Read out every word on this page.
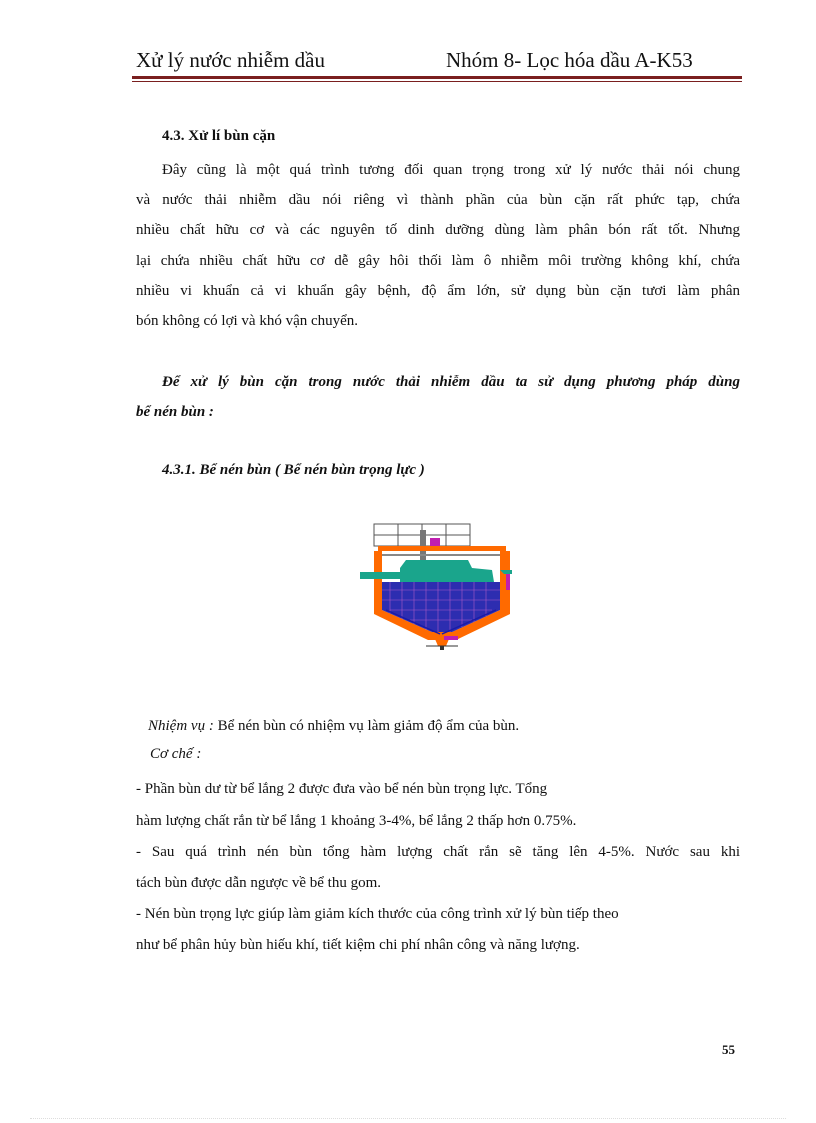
Xử lý nước nhiễm dầu	Nhóm 8- Lọc hóa dầu A-K53
4.3. Xử lí bùn cặn
Đây cũng là một quá trình tương đối quan trọng trong xử lý nước thải nói chung
và nước thải nhiễm dầu nói riêng vì thành phần của bùn cặn rất phức tạp, chứa
nhiều chất hữu cơ và các nguyên tố dinh dưỡng dùng làm phân bón rất tốt. Nhưng
lại chứa nhiều chất hữu cơ dễ gây hôi thối làm ô nhiễm môi trường không khí, chứa
nhiều vi khuẩn cả vi khuẩn gây bệnh, độ ẩm lớn, sử dụng bùn cặn tươi làm phân
bón không có lợi và khó vận chuyển.
Để xử lý bùn cặn trong nước thải nhiễm dầu ta sử dụng phương pháp dùng
bể nén bùn :
4.3.1. Bể nén bùn ( Bể nén bùn trọng lực )
Nhiệm vụ : Bể nén bùn có nhiệm vụ làm giảm độ ẩm của bùn.
Cơ chế :
- Phần bùn dư từ bể lắng 2 được đưa vào bể nén bùn trọng lực. Tổng
hàm lượng chất rắn từ bể lắng 1 khoảng 3-4%, bể lắng 2 thấp hơn 0.75%.
- Sau quá trình nén bùn tổng hàm lượng chất rắn sẽ tăng lên 4-5%. Nước sau khi
tách bùn được dẫn ngược về bể thu gom.
- Nén bùn trọng lực giúp làm giảm kích thước của công trình xử lý bùn tiếp theo
như bể phân hủy bùn hiếu khí, tiết kiệm chi phí nhân công và năng lượng.
55
